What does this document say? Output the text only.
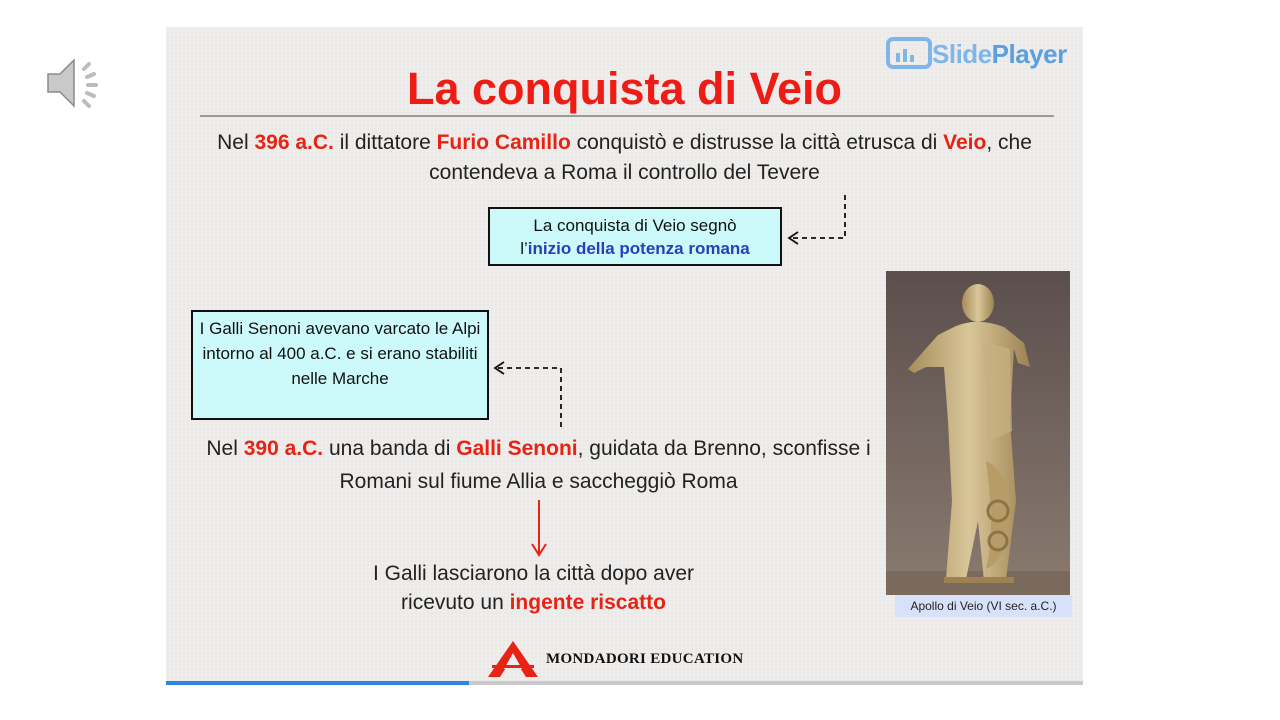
SlidePlayer
La conquista di Veio
Nel 396 a.C. il dittatore Furio Camillo conquistò e distrusse la città etrusca di Veio, che contendeva a Roma il controllo del Tevere
La conquista di Veio segnò
l’inizio della potenza romana
I Galli Senoni avevano varcato le Alpi intorno al 400 a.C. e si erano stabiliti nelle Marche
Nel 390 a.C. una banda di Galli Senoni, guidata da Brenno, sconfisse i Romani sul fiume Allia e saccheggiò Roma
I Galli lasciarono la città dopo aver ricevuto un ingente riscatto	Apollo di Veio (VI sec. a.C.)
MONDADORI EDUCATION
